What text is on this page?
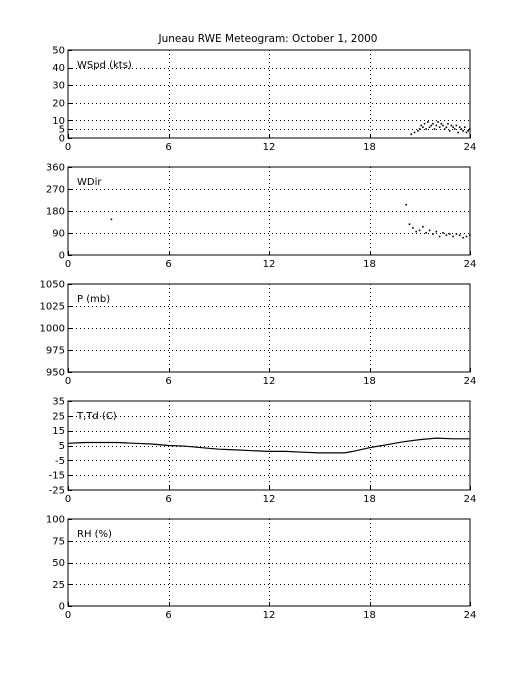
Juneau RWE Meteogram: October 1, 2000
0	6	12	18	24
0
5
10
20
30
40
50
WSpd (kts)
0	6	12	18	24
0
90
180
270
360
WDir
0	6	12	18	24
950
975
1000
1025
1050
P (mb)
0	6	12	18	24
-25
-15
-5
5
15
25
35
T,Td (C)
0	6	12	18	24
0
25
50
75
100
RH (%)
